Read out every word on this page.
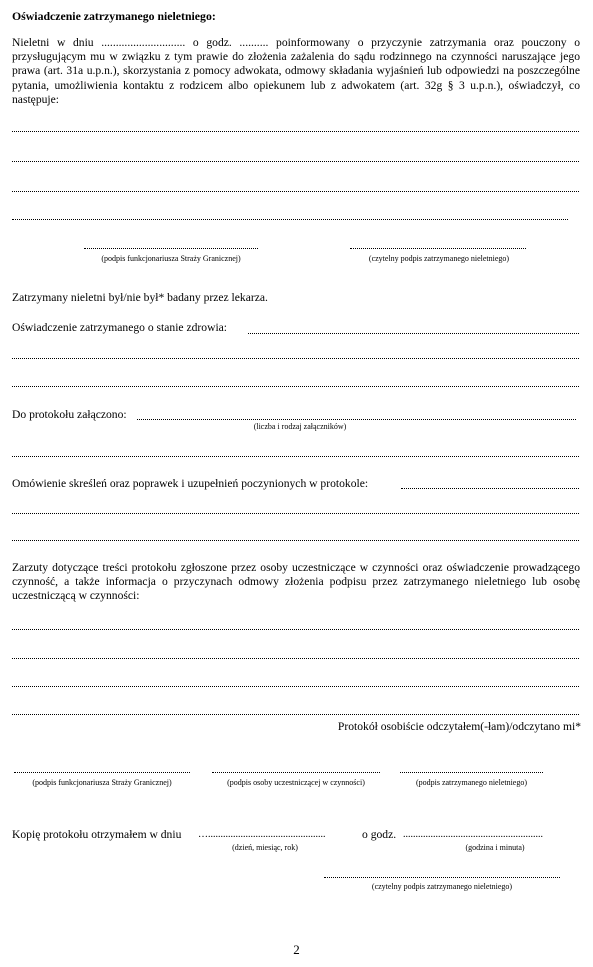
Oświadczenie zatrzymanego nieletniego:
Nieletni w dniu ............................. o godz. .......... poinformowany o przyczynie zatrzymania oraz pouczony o przysługującym mu w związku z tym prawie do złożenia zażalenia do sądu rodzinnego na czynności naruszające jego prawa (art. 31a u.p.n.), skorzystania z pomocy adwokata, odmowy składania wyjaśnień lub odpowiedzi na poszczególne pytania, umożliwienia kontaktu z rodzicem albo opiekunem lub z adwokatem (art. 32g § 3 u.p.n.), oświadczył, co następuje:
(podpis funkcjonariusza Straży Granicznej)	(czytelny podpis zatrzymanego nieletniego)
Zatrzymany nieletni był/nie był* badany przez lekarza.
Oświadczenie zatrzymanego o stanie zdrowia:
Do protokołu załączono:
(liczba i rodzaj załączników)
Omówienie skreśleń oraz poprawek i uzupełnień poczynionych w protokole:
Zarzuty dotyczące treści protokołu zgłoszone przez osoby uczestniczące w czynności oraz oświadczenie prowadzącego czynność, a także informacja o przyczynach odmowy złożenia podpisu przez zatrzymanego nieletniego lub osobę uczestniczącą w czynności:
Protokół osobiście odczytałem(-łam)/odczytano mi*
(podpis funkcjonariusza Straży Granicznej)	(podpis osoby uczestniczącej w czynności)	(podpis zatrzymanego nieletniego)
Kopię protokołu otrzymałem w dniu …...............................................	o godz. ........................................................
(dzień, miesiąc, rok)	(godzina i minuta)
(czytelny podpis zatrzymanego nieletniego)
2
